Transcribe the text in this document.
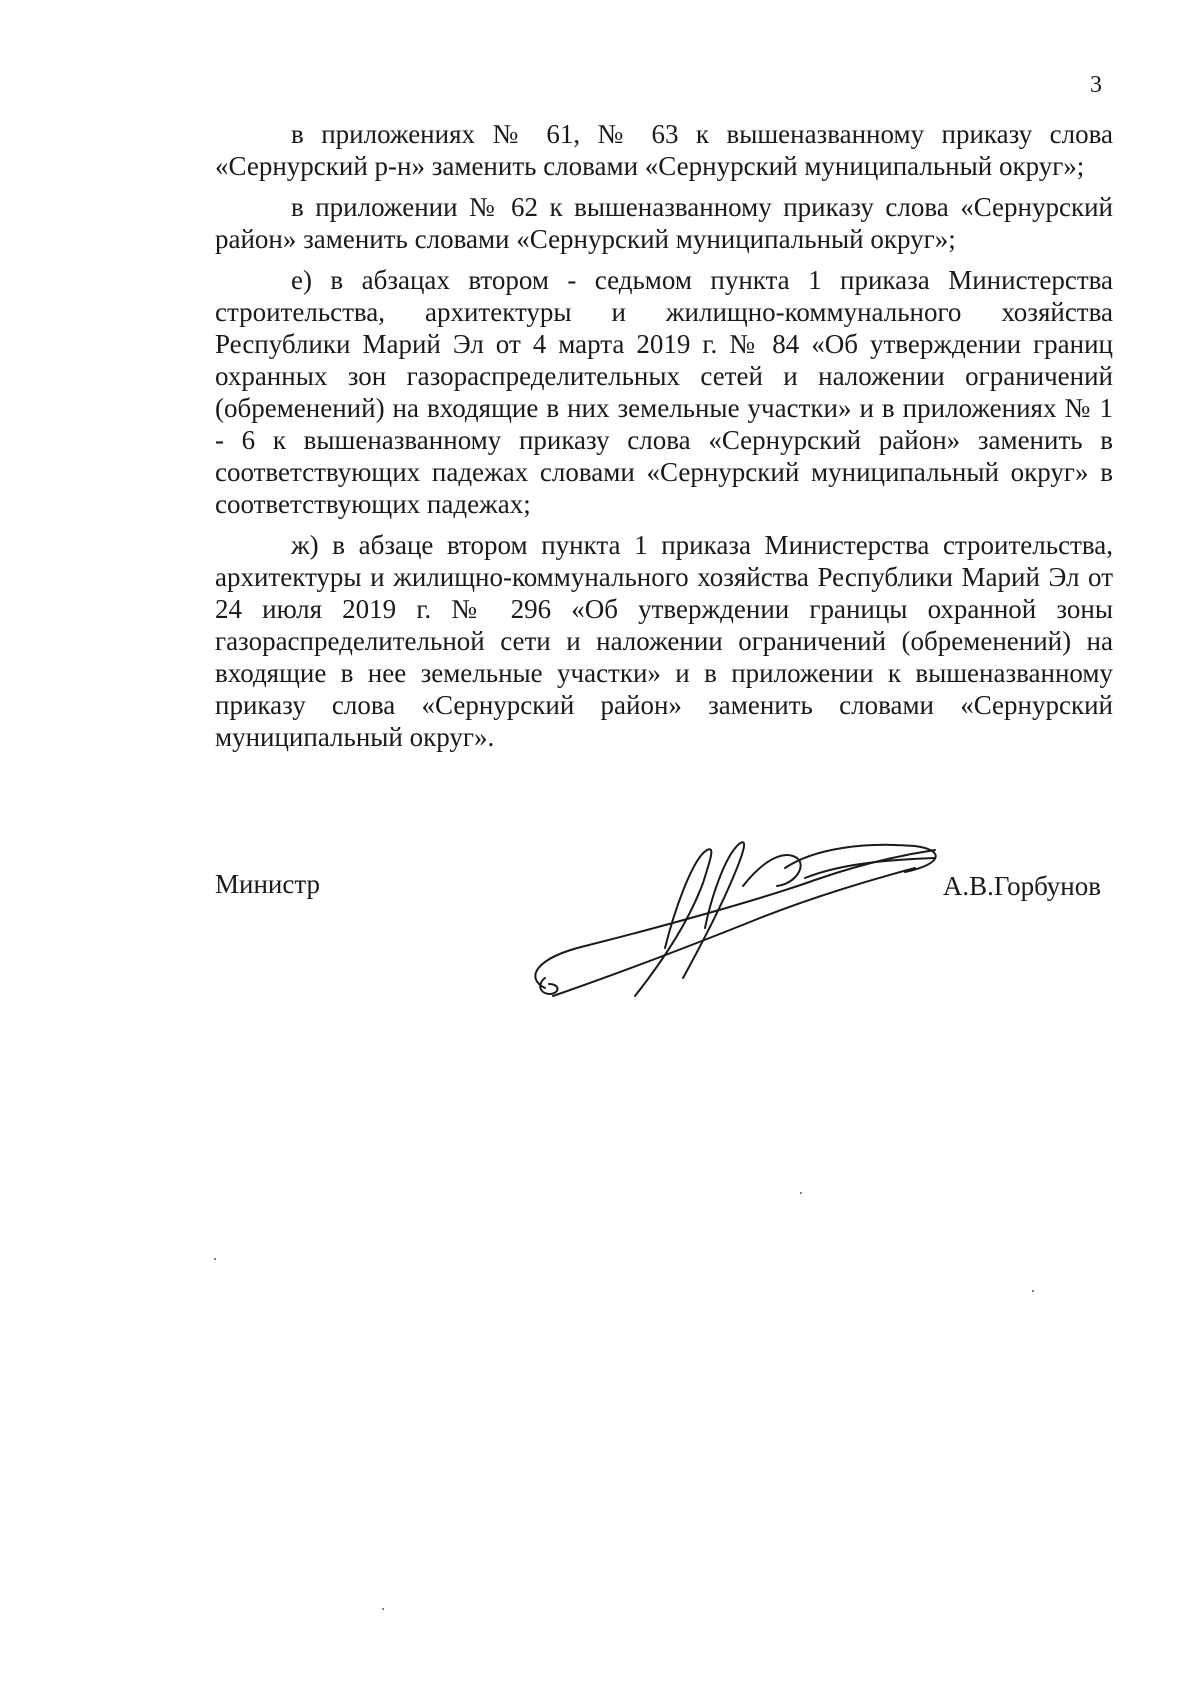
3

в приложениях № 61, № 63 к вышеназванному приказу слова «Сернурский р-н» заменить словами «Сернурский муниципальный округ»;

в приложении № 62 к вышеназванному приказу слова «Сернурский район» заменить словами «Сернурский муниципальный округ»;

е) в абзацах втором - седьмом пункта 1 приказа Министерства строительства, архитектуры и жилищно-коммунального хозяйства Республики Марий Эл от 4 марта 2019 г. № 84 «Об утверждении границ охранных зон газораспределительных сетей и наложении ограничений (обременений) на входящие в них земельные участки» и в приложениях № 1 - 6 к вышеназванному приказу слова «Сернурский район» заменить в соответствующих падежах словами «Сернурский муниципальный округ» в соответствующих падежах;

ж) в абзаце втором пункта 1 приказа Министерства строительства, архитектуры и жилищно-коммунального хозяйства Республики Марий Эл от 24 июля 2019 г. № 296 «Об утверждении границы охранной зоны газораспределительной сети и наложении ограничений (обременений) на входящие в нее земельные участки» и в приложении к вышеназванному приказу слова «Сернурский район» заменить словами «Сернурский муниципальный округ».

Министр	А.В.Горбунов
